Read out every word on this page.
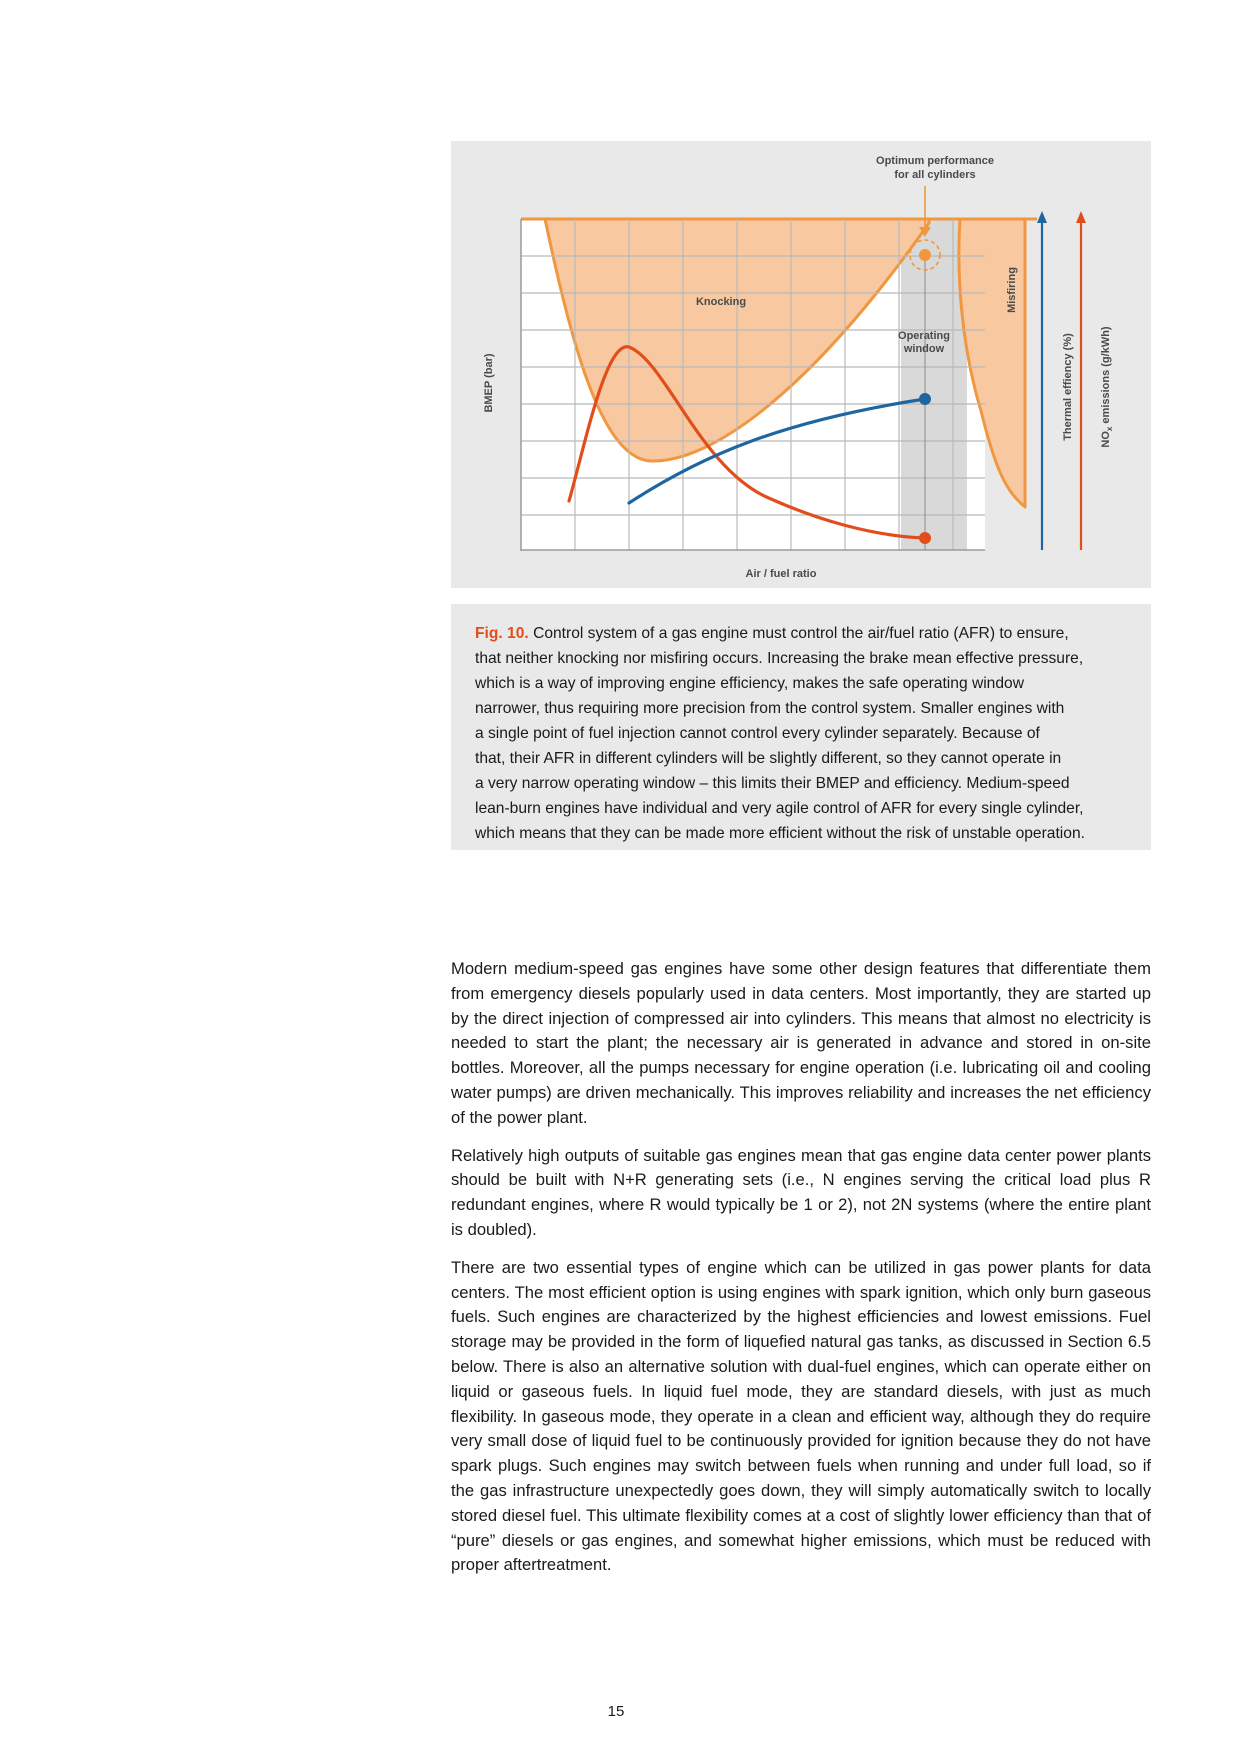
Optimum performance
for all cylinders
Knocking
Operating
window
Misfiring
BMEP (bar)
Air / fuel ratio
Thermal effiency (%) $NO_x$ emissions (g/kWh)
Fig. 10. Control system of a gas engine must control the air/fuel ratio (AFR) to ensure,
that neither knocking nor misfiring occurs. Increasing the brake mean effective pressure,
which is a way of improving engine efficiency, makes the safe operating window
narrower, thus requiring more precision from the control system. Smaller engines with
a single point of fuel injection cannot control every cylinder separately. Because of
that, their AFR in different cylinders will be slightly different, so they cannot operate in
a very narrow operating window – this limits their BMEP and efficiency. Medium-speed
lean-burn engines have individual and very agile control of AFR for every single cylinder,
which means that they can be made more efficient without the risk of unstable operation.

Modern medium-speed gas engines have some other design features that differentiate them from emergency diesels popularly used in data centers. Most importantly, they are started up by the direct injection of compressed air into cylinders. This means that almost no electricity is needed to start the plant; the necessary air is generated in advance and stored in on-site bottles. Moreover, all the pumps necessary for engine operation (i.e. lubricating oil and cooling water pumps) are driven mechanically. This improves reliability and increases the net efficiency of the power plant.

Relatively high outputs of suitable gas engines mean that gas engine data center power plants should be built with N+R generating sets (i.e., N engines serving the critical load plus R redundant engines, where R would typically be 1 or 2), not 2N systems (where the entire plant is doubled).

There are two essential types of engine which can be utilized in gas power plants for data centers. The most efficient option is using engines with spark ignition, which only burn gaseous fuels. Such engines are characterized by the highest efficiencies and lowest emissions. Fuel storage may be provided in the form of liquefied natural gas tanks, as discussed in Section 6.5 below. There is also an alternative solution with dual-fuel engines, which can operate either on liquid or gaseous fuels. In liquid fuel mode, they are standard diesels, with just as much flexibility. In gaseous mode, they operate in a clean and efficient way, although they do require very small dose of liquid fuel to be continuously provided for ignition because they do not have spark plugs. Such engines may switch between fuels when running and under full load, so if the gas infrastructure unexpectedly goes down, they will simply automatically switch to locally stored diesel fuel. This ultimate flexibility comes at a cost of slightly lower efficiency than that of “pure” diesels or gas engines, and somewhat higher emissions, which must be reduced with proper aftertreatment.

15
